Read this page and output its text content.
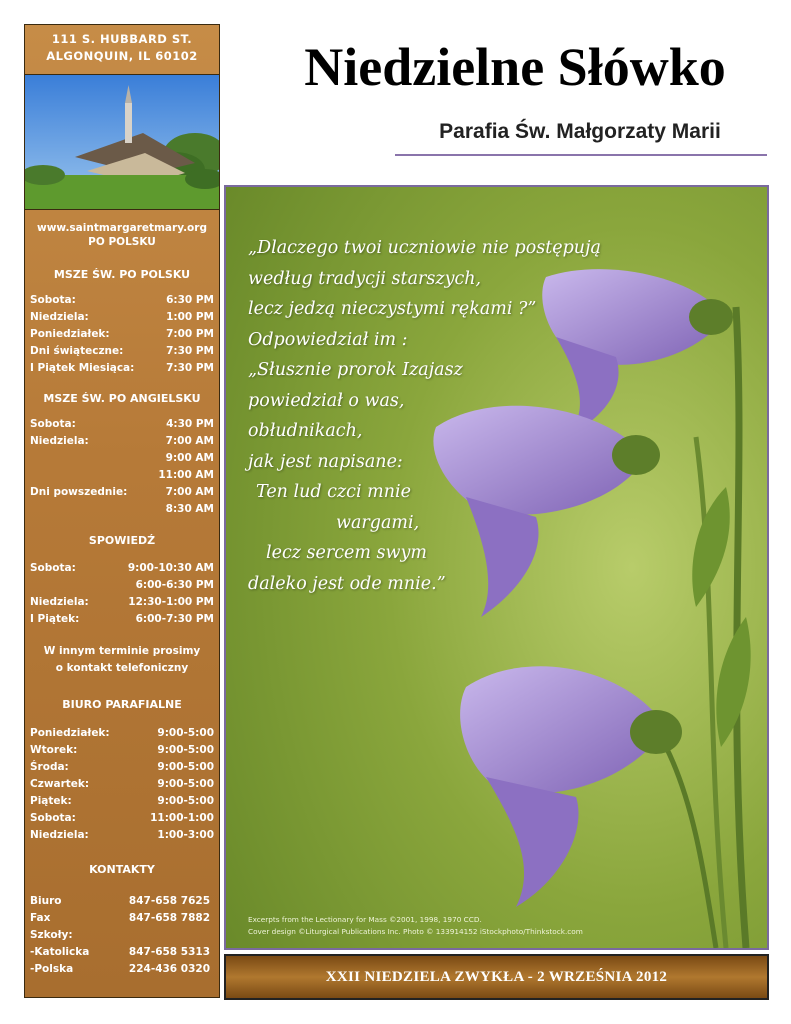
111 S. HUBBARD ST.
ALGONQUIN, IL 60102
www.saintmargaretmary.org
PO POLSKU
MSZE ŚW. PO POLSKU
Sobota:	6:30 PM
Niedziela:	1:00 PM
Poniedziałek:	7:00 PM
Dni świąteczne:	7:30 PM
I Piątek Miesiąca:	7:30 PM
MSZE ŚW. PO ANGIELSKU
Sobota:	4:30 PM
Niedziela:	7:00 AM
9:00 AM
11:00 AM
Dni powszednie:	7:00 AM
8:30 AM
SPOWIEDŹ
Sobota:	9:00-10:30 AM
6:00-6:30 PM
Niedziela:	12:30-1:00 PM
I Piątek:	6:00-7:30 PM
W innym terminie prosimy
o kontakt telefoniczny
BIURO PARAFIALNE
Poniedziałek:	9:00-5:00
Wtorek:	9:00-5:00
Środa:	9:00-5:00
Czwartek:	9:00-5:00
Piątek:	9:00-5:00
Sobota:	11:00-1:00
Niedziela:	1:00-3:00
KONTAKTY
Biuro	847-658 7625
Fax	847-658 7882
Szkoły:
-Katolicka	847-658 5313
-Polska	224-436 0320
Niedzielne Słówko
Parafia Św. Małgorzaty Marii
„Dlaczego twoi uczniowie nie postępują
według tradycji starszych,
lecz jedzą nieczystymi rękami ?”
Odpowiedział im :
„Słusznie prorok Izajasz
powiedział o was,
obłudnikach,
jak jest napisane:
Ten lud czci mnie
wargami,
lecz sercem swym
daleko jest ode mnie.”
Excerpts from the Lectionary for Mass ©2001, 1998, 1970 CCD.
Cover design ©Liturgical Publications Inc. Photo © 133914152 iStockphoto/Thinkstock.com
XXII NIEDZIELA ZWYKŁA - 2 WRZEŚNIA 2012
